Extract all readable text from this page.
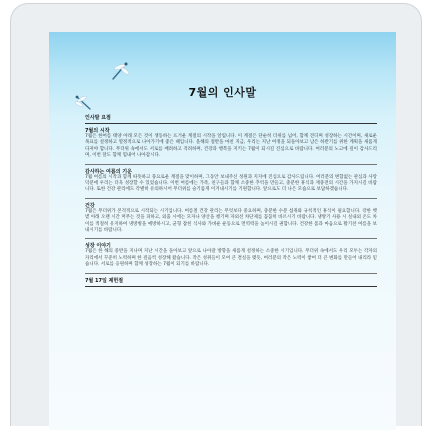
7월의 인사말
인사말 요점
7월의 시작

7월은 한여름 태양 아래 모든 것이 생동하는 뜨거운 계절의 시작을 알립니다. 이 계절은 단순히 더위를 넘어, 함께 견디며 성장하는 시간이며, 새로운 목표를 설정하고 열정적으로 나아가기에 좋은 때입니다. 올해의 절반을 마친 지금, 우리는 지난 여정을 되돌아보고 남은 하반기를 위한 계획을 새롭게 다져야 합니다. 무더위 속에서도 서로를 배려하고 격려하며, 건강과 행복을 지키는 7월이 되시길 진심으로 바랍니다. 여러분의 노고에 깊이 감사드리며, 이번 달도 함께 힘내어 나아갑시다.

감사하는 여름의 기운

7월 여름의 시작과 함께 따뜻하고 풍요로운 계절을 맞이하며, 그동안 보내주신 성원과 지지에 진심으로 감사드립니다. 여러분의 변함없는 관심과 사랑 덕분에 우리는 더욱 성장할 수 있었습니다. 이번 여름에는 가족, 친구들과 함께 소중한 추억을 만들고, 충분한 휴식과 재충전의 시간을 가지시길 바랍니다. 또한 건강 관리에도 각별히 유의하시어 무더위를 슬기롭게 이겨내시기를 기원합니다. 앞으로도 더 나은 모습으로 보답하겠습니다.

건강

7월은 무더위가 본격적으로 시작되는 시기입니다. 여름철 건강 관리는 무엇보다 중요하며, 충분한 수분 섭취와 규칙적인 휴식이 필요합니다. 강한 햇볕 아래 오랜 시간 머무는 것을 피하고, 외출 시에는 모자나 양산을 챙기며 자외선 차단제를 꼼꼼히 바르시기 바랍니다. 냉방기 사용 시 실내외 온도 차이를 적절히 유지하여 냉방병을 예방하시고, 균형 잡힌 식사와 가벼운 운동으로 면역력을 높이시길 권합니다. 건강한 몸과 마음으로 활기찬 여름을 보내시기를 바랍니다.

성장 이야기

7월은 한 해의 중반을 지나며 지난 시간을 돌아보고 앞으로 나아갈 방향을 새롭게 설정하는 소중한 시기입니다. 무더위 속에서도 우리 모두는 각자의 자리에서 꾸준히 노력하며 한 걸음씩 성장해 왔습니다. 작은 성취들이 모여 큰 결실을 맺듯, 여러분의 작은 노력이 쌓여 더 큰 변화를 만들어 내리라 믿습니다. 서로를 응원하며 함께 성장하는 7월이 되기를 바랍니다.

7월 17일 제헌절
